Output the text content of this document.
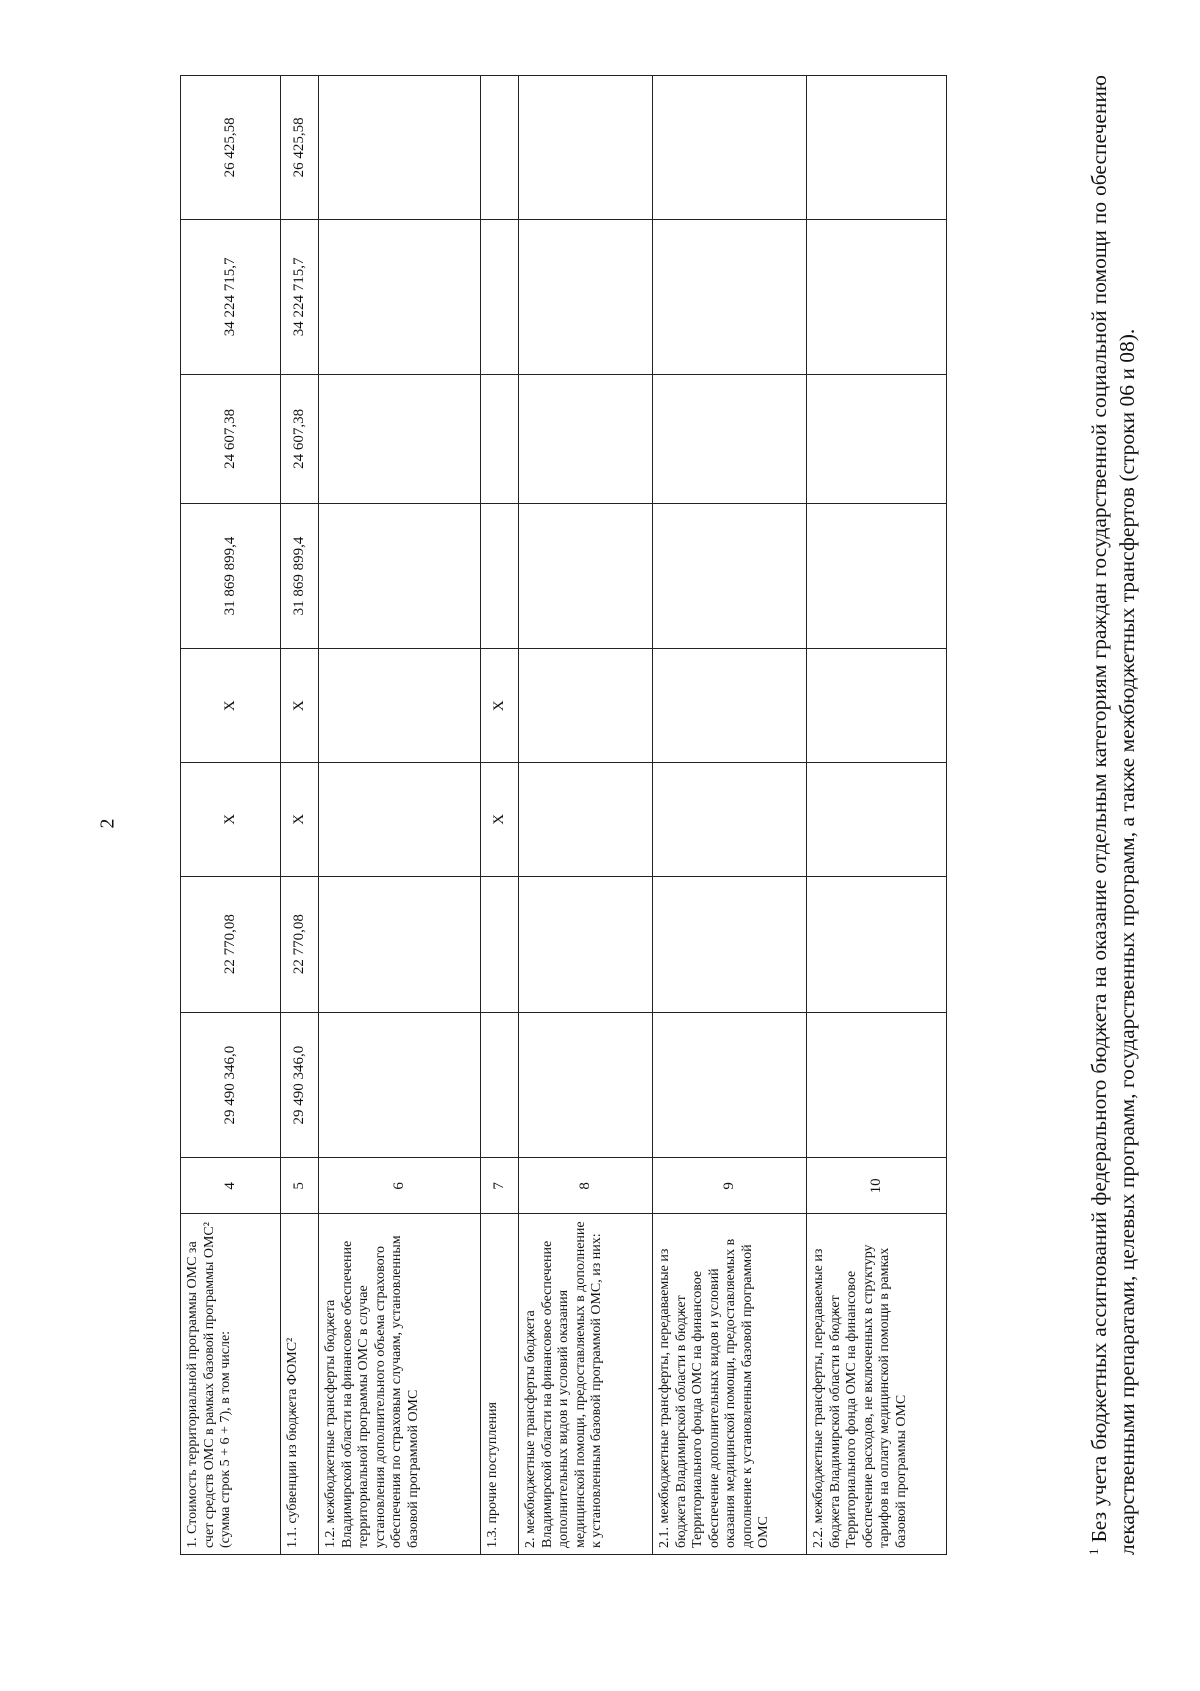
2
1. Стоимость территориальной программы ОМС за счет средств ОМС в рамках базовой программы ОМС² (сумма строк 5 + 6 + 7), в том числе:	4	29 490 346,0	22 770,08	X	X	31 869 899,4	24 607,38	34 224 715,7	26 425,58
1.1. субвенции из бюджета ФОМС²	5	29 490 346,0	22 770,08	X	X	31 869 899,4	24 607,38	34 224 715,7	26 425,58
1.2. межбюджетные трансферты бюджета Владимирской области на финансовое обеспечение территориальной программы ОМС в случае установления дополнительного объема страхового обеспечения по страховым случаям, установленным базовой программой ОМС	6								
1.3. прочие поступления	7			X	X				
2. межбюджетные трансферты бюджета Владимирской области на финансовое обеспечение дополнительных видов и условий оказания медицинской помощи, предоставляемых в дополнение к установленным базовой программой ОМС, из них:	8								
2.1. межбюджетные трансферты, передаваемые из бюджета Владимирской области в бюджет Территориального фонда ОМС на финансовое обеспечение дополнительных видов и условий оказания медицинской помощи, предоставляемых в дополнение к установленным базовой программой ОМС	9								
2.2. межбюджетные трансферты, передаваемые из бюджета Владимирской области в бюджет Территориального фонда ОМС на финансовое обеспечение расходов, не включенных в структуру тарифов на оплату медицинской помощи в рамках базовой программы ОМС	10								
$^1$ Без учета бюджетных ассигнований федерального бюджета на оказание отдельным категориям граждан государственной социальной помощи по обеспечению лекарственными препаратами, целевых программ, государственных программ, а также межбюджетных трансфертов (строки 06 и 08).
